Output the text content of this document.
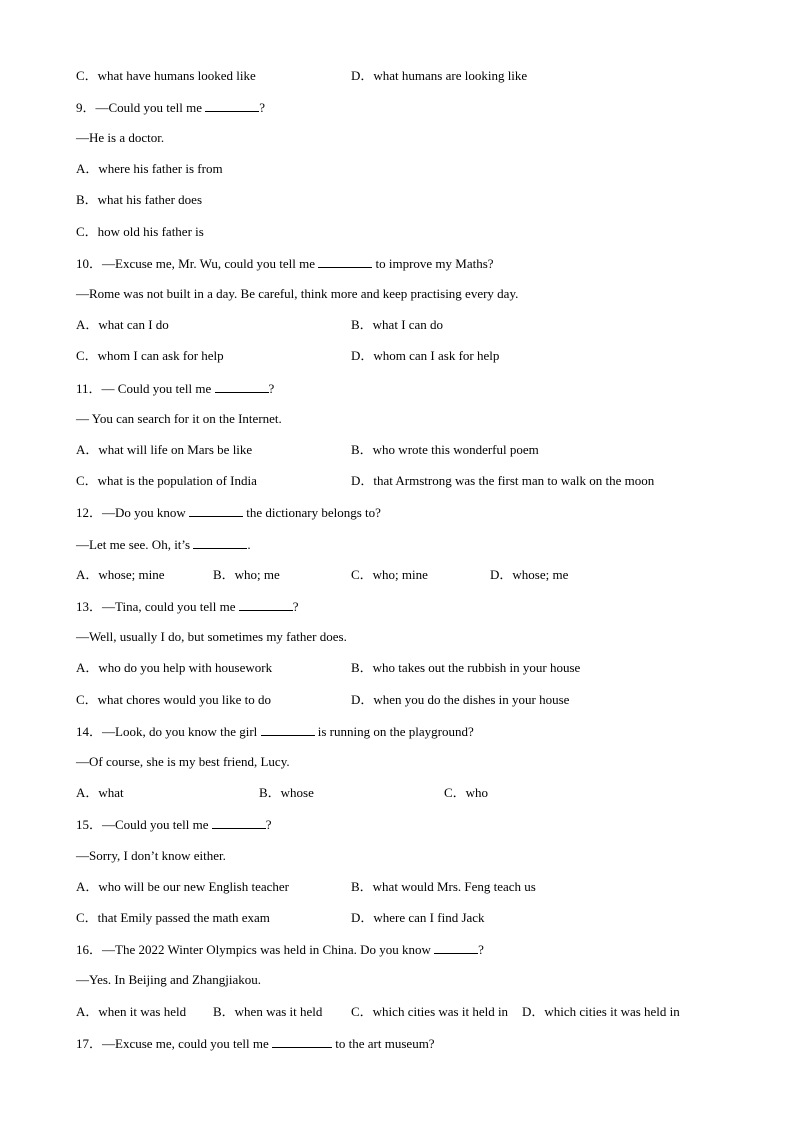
C．what have humans looked like	D．what humans are looking like
9．—Could you tell me	?
—He is a doctor.
A．where his father is from
B．what his father does
C．how old his father is
10．—Excuse me, Mr. Wu, could you tell me	to improve my Maths?
—Rome was not built in a day. Be careful, think more and keep practising every day.
A．what can I do	B．what I can do
C．whom I can ask for help	D．whom can I ask for help
11．— Could you tell me	?
— You can search for it on the Internet.
A．what will life on Mars be like	B．who wrote this wonderful poem
C．what is the population of India	D．that Armstrong was the first man to walk on the moon
12．—Do you know	the dictionary belongs to?
—Let me see. Oh, it’s	.
A．whose; mine	B．who; me	C．who; mine	D．whose; me
13．—Tina, could you tell me	?
—Well, usually I do, but sometimes my father does.
A．who do you help with housework	B．who takes out the rubbish in your house
C．what chores would you like to do	D．when you do the dishes in your house
14．—Look, do you know the girl	is running on the playground?
—Of course, she is my best friend, Lucy.
A．what	B．whose	C．who
15．—Could you tell me	?
—Sorry, I don’t know either.
A．who will be our new English teacher	B．what would Mrs. Feng teach us
C．that Emily passed the math exam	D．where can I find Jack
16．—The 2022 Winter Olympics was held in China. Do you know	?
—Yes. In Beijing and Zhangjiakou.
A．when it was held B．when was it held C．which cities was it held in D．which cities it was held in
17．—Excuse me, could you tell me	to the art museum?
